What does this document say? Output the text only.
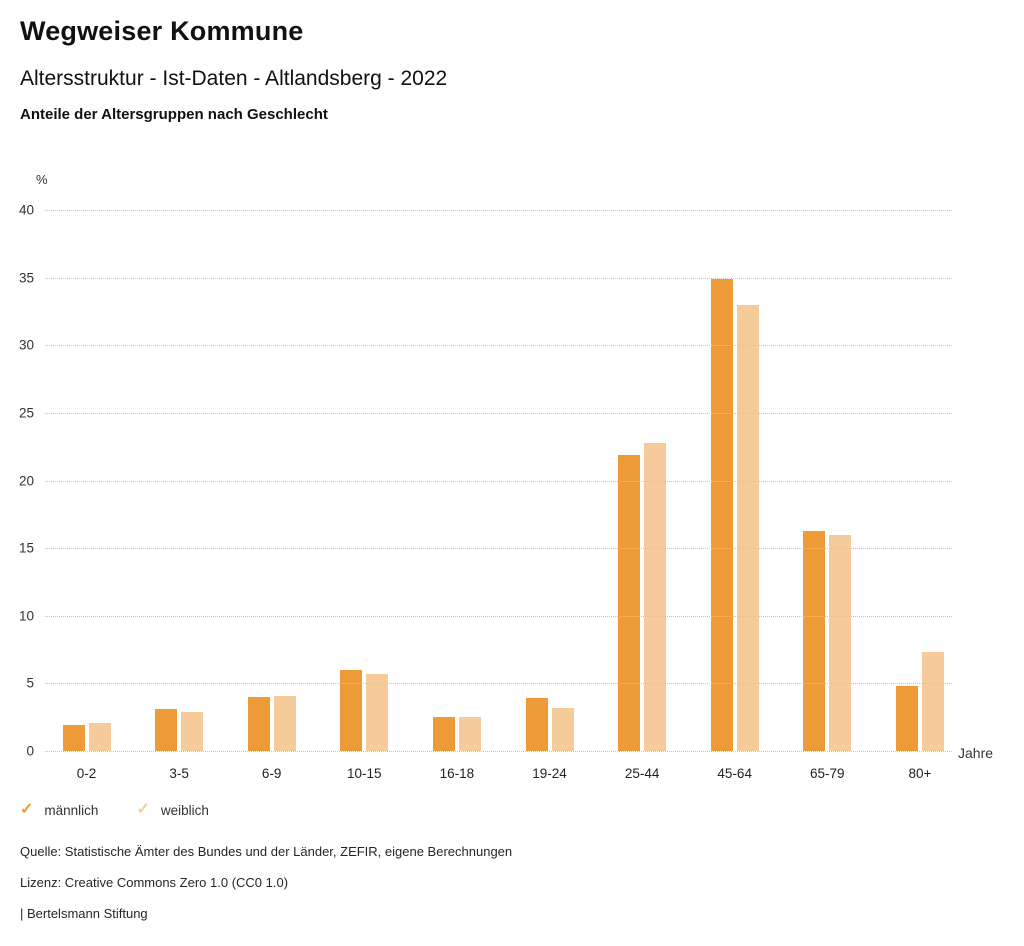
Wegweiser Kommune
Altersstruktur - Ist-Daten - Altlandsberg - 2022
Anteile der Altersgruppen nach Geschlecht
%
0
5
10
15
20
25
30
35
40
0-2	3-5	6-9	10-15	16-18	19-24	25-44	45-64	65-79	80+
Jahre
✓ männlich ✓ weiblich
Quelle: Statistische Ämter des Bundes und der Länder, ZEFIR, eigene Berechnungen
Lizenz: Creative Commons Zero 1.0 (CC0 1.0)
| Bertelsmann Stiftung
